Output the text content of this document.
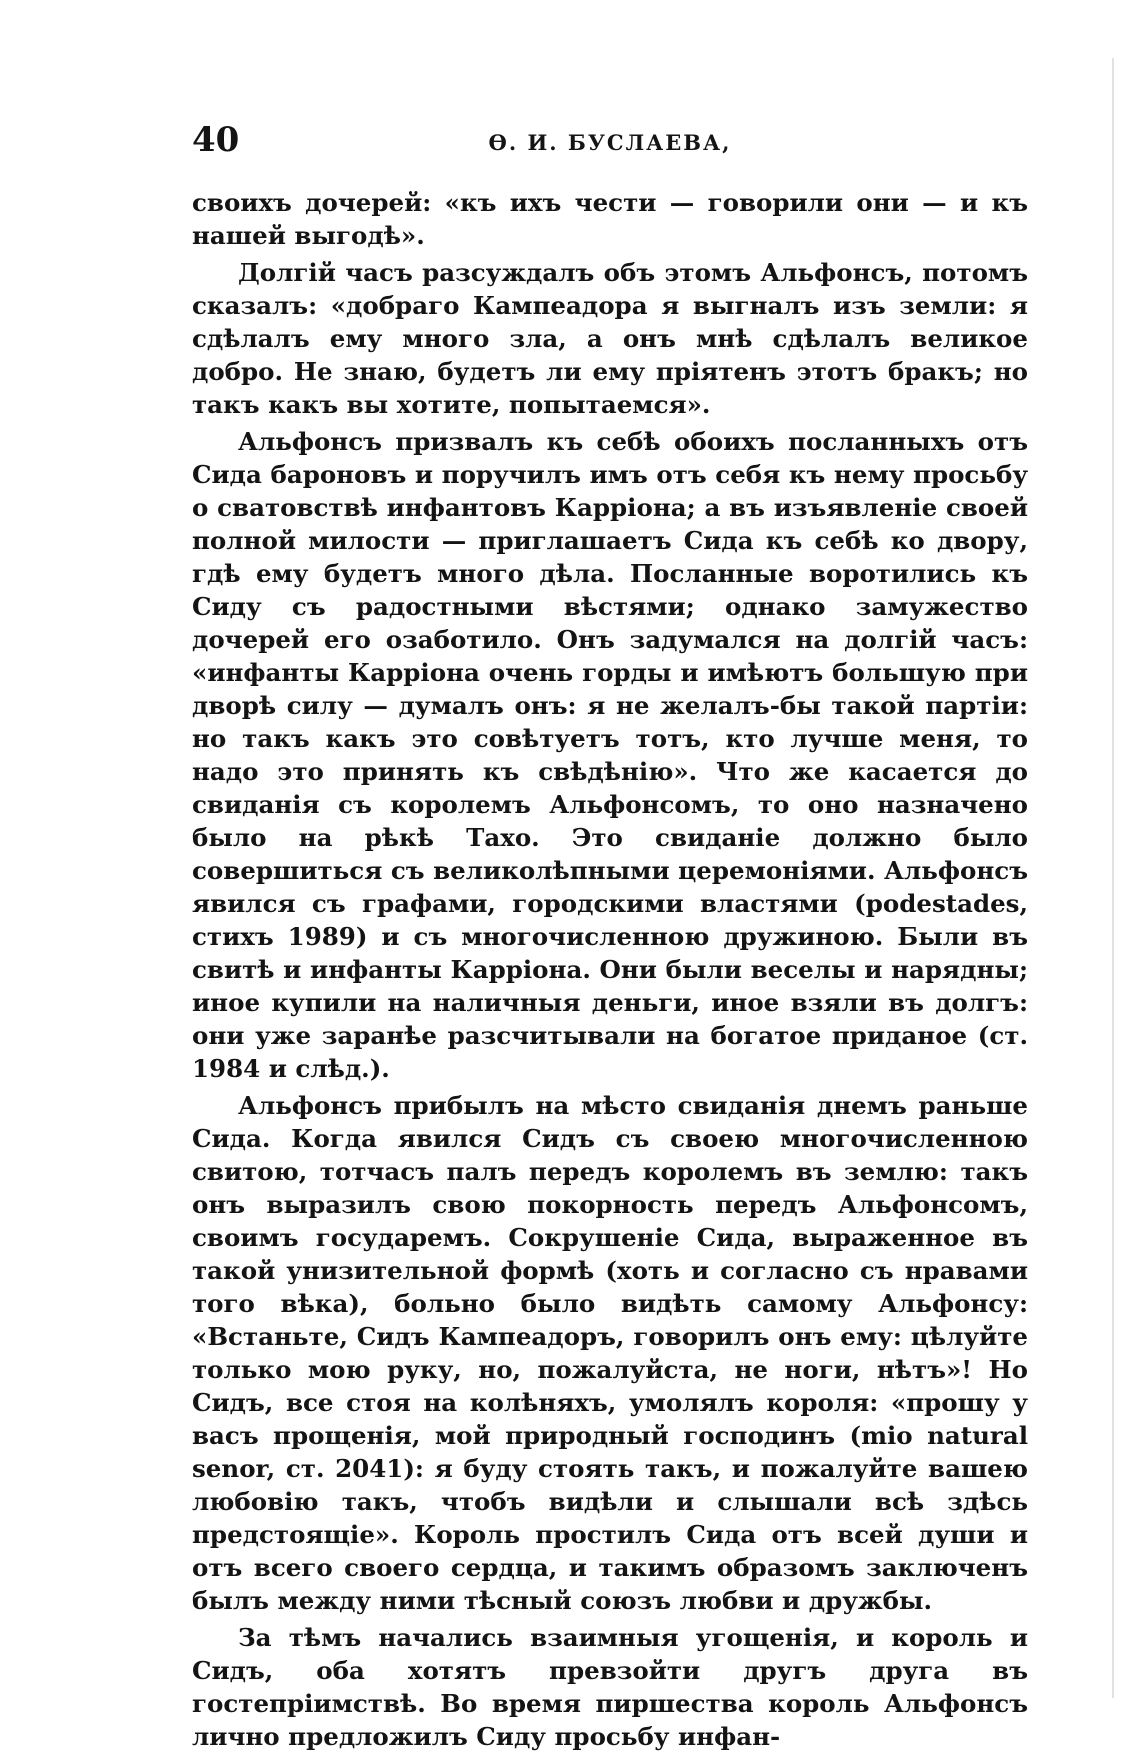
40	Ѳ. И. БУСЛАЕВА,

своихъ дочерей: «къ ихъ чести — говорили они — и къ нашей выгодѣ».

Долгій часъ разсуждалъ объ этомъ Альфонсъ, потомъ сказалъ: «добраго Кампеадора я выгналъ изъ земли: я сдѣлалъ ему много зла, а онъ мнѣ сдѣлалъ великое добро. Не знаю, будетъ ли ему пріятенъ этотъ бракъ; но такъ какъ вы хотите, попытаемся».

Альфонсъ призвалъ къ себѣ обоихъ посланныхъ отъ Сида бароновъ и поручилъ имъ отъ себя къ нему просьбу о сватовствѣ инфантовъ Карріона; а въ изъявленіе своей полной милости — приглашаетъ Сида къ себѣ ко двору, гдѣ ему будетъ много дѣла. Посланные воротились къ Сиду съ радостными вѣстями; однако замужество дочерей его озаботило. Онъ задумался на долгій часъ: «инфанты Карріона очень горды и имѣютъ большую при дворѣ силу — думалъ онъ: я не желалъ-бы такой партіи: но такъ какъ это совѣтуетъ тотъ, кто лучше меня, то надо это принять къ свѣдѣнію». Что же касается до свиданія съ королемъ Альфонсомъ, то оно назначено было на рѣкѣ Тахо. Это свиданіе должно было совершиться съ великолѣпными церемоніями. Альфонсъ явился съ графами, городскими властями (podestades, стихъ 1989) и съ многочисленною дружиною. Были въ свитѣ и инфанты Карріона. Они были веселы и нарядны; иное купили на наличныя деньги, иное взяли въ долгъ: они уже заранѣе разсчитывали на богатое приданое (ст. 1984 и слѣд.).

Альфонсъ прибылъ на мѣсто свиданія днемъ раньше Сида. Когда явился Сидъ съ своею многочисленною свитою, тотчасъ палъ передъ королемъ въ землю: такъ онъ выразилъ свою покорность передъ Альфонсомъ, своимъ государемъ. Сокрушеніе Сида, выраженное въ такой унизительной формѣ (хоть и согласно съ нравами того вѣка), больно было видѣть самому Альфонсу: «Встаньте, Сидъ Кампеадоръ, говорилъ онъ ему: цѣлуйте только мою руку, но, пожалуйста, не ноги, нѣтъ»! Но Сидъ, все стоя на колѣняхъ, умолялъ короля: «прошу у васъ прощенія, мой природный господинъ (mio natural senor, ст. 2041): я буду стоять такъ, и пожалуйте вашею любовію такъ, чтобъ видѣли и слышали всѣ здѣсь предстоящіе». Король простилъ Сида отъ всей души и отъ всего своего сердца, и такимъ образомъ заключенъ былъ между ними тѣсный союзъ любви и дружбы.

За тѣмъ начались взаимныя угощенія, и король и Сидъ, оба хотятъ превзойти другъ друга въ гостепріимствѣ. Во время пиршества король Альфонсъ лично предложилъ Сиду просьбу инфан-
